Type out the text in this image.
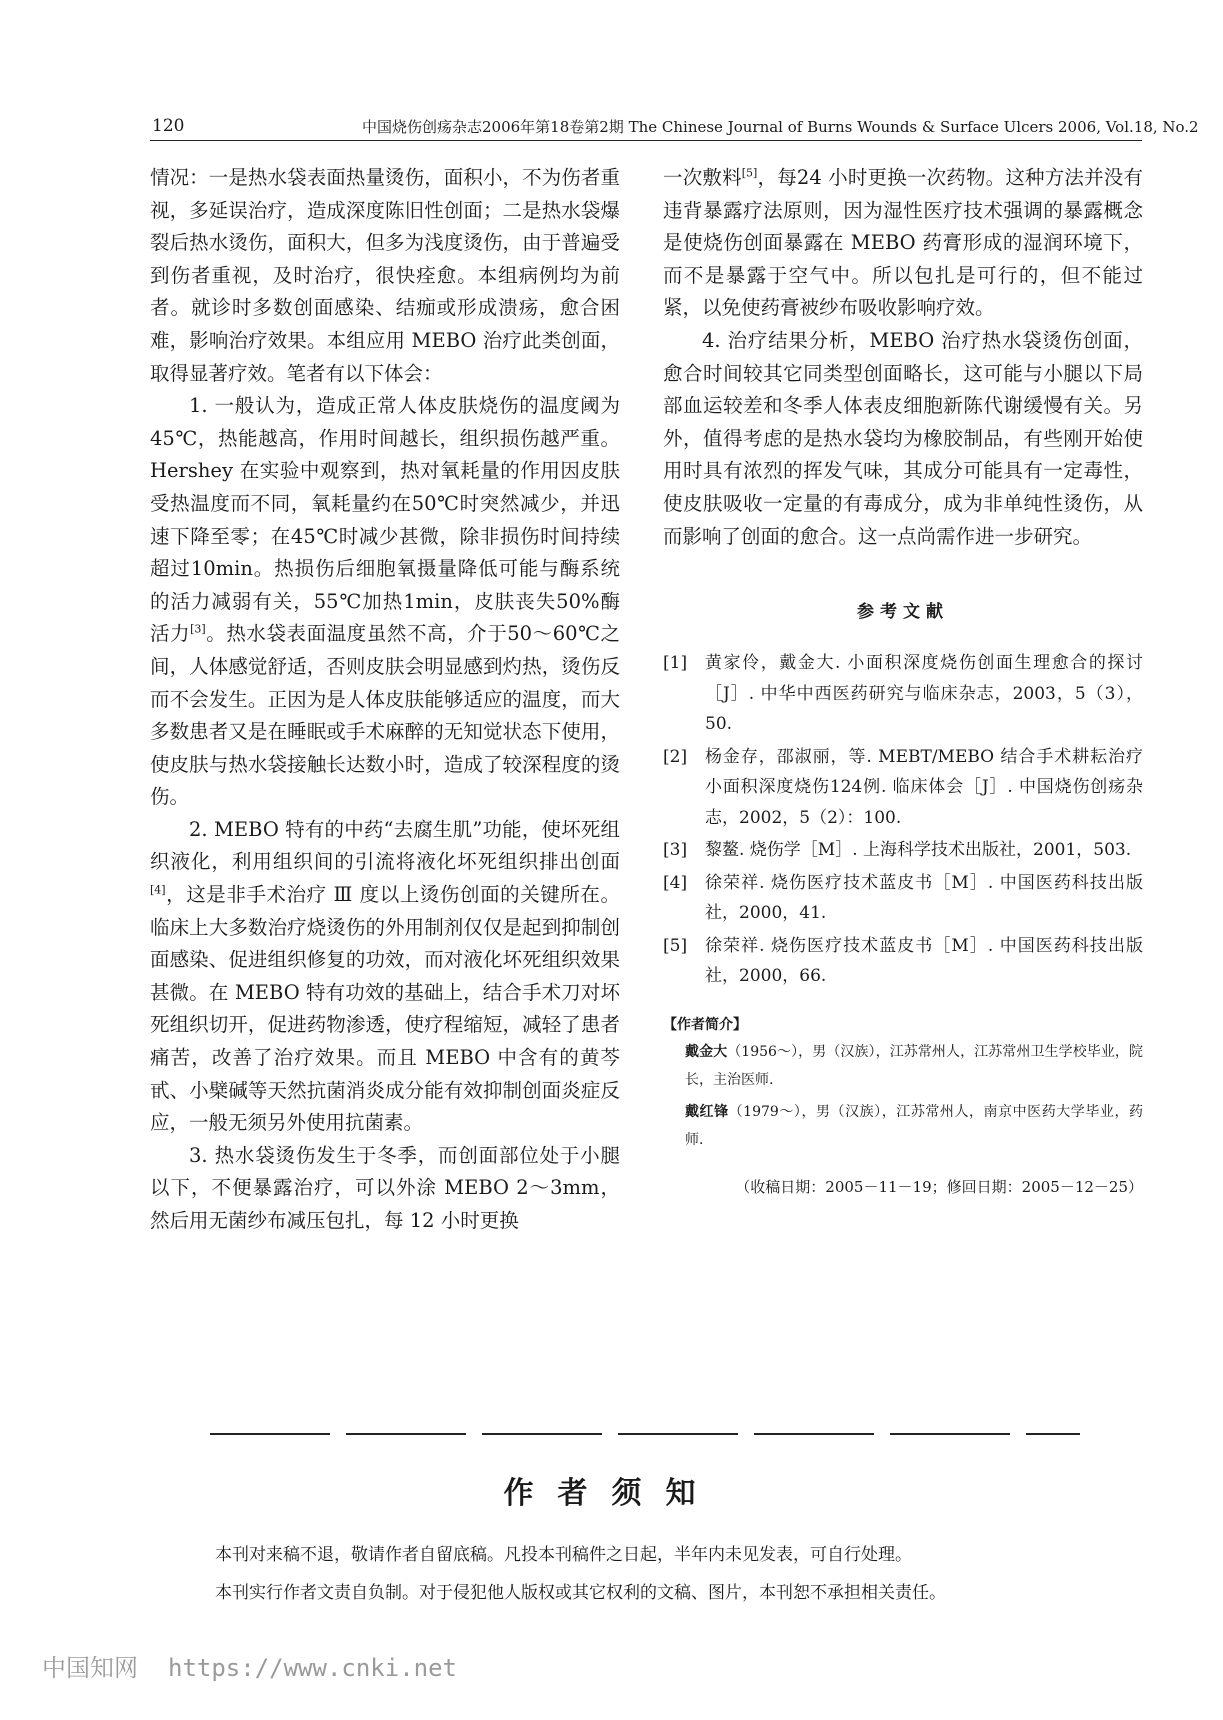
120	中国烧伤创疡杂志2006年第18卷第2期 The Chinese Journal of Burns Wounds & Surface Ulcers 2006, Vol.18, No.2

情况：一是热水袋表面热量烫伤，面积小，不为伤者重视，多延误治疗，造成深度陈旧性创面；二是热水袋爆裂后热水烫伤，面积大，但多为浅度烫伤，由于普遍受到伤者重视，及时治疗，很快痊愈。本组病例均为前者。就诊时多数创面感染、结痂或形成溃疡，愈合困难，影响治疗效果。本组应用 MEBO 治疗此类创面，取得显著疗效。笔者有以下体会：

1. 一般认为，造成正常人体皮肤烧伤的温度阈为45℃，热能越高，作用时间越长，组织损伤越严重。Hershey 在实验中观察到，热对氧耗量的作用因皮肤受热温度而不同，氧耗量约在50℃时突然减少，并迅速下降至零；在45℃时减少甚微，除非损伤时间持续超过10min。热损伤后细胞氧摄量降低可能与酶系统的活力减弱有关，55℃加热1min，皮肤丧失50%酶活力[3]。热水袋表面温度虽然不高，介于50～60℃之间，人体感觉舒适，否则皮肤会明显感到灼热，烫伤反而不会发生。正因为是人体皮肤能够适应的温度，而大多数患者又是在睡眠或手术麻醉的无知觉状态下使用，使皮肤与热水袋接触长达数小时，造成了较深程度的烫伤。

2. MEBO 特有的中药“去腐生肌”功能，使坏死组织液化，利用组织间的引流将液化坏死组织排出创面[4]，这是非手术治疗 Ⅲ 度以上烫伤创面的关键所在。临床上大多数治疗烧烫伤的外用制剂仅仅是起到抑制创面感染、促进组织修复的功效，而对液化坏死组织效果甚微。在 MEBO 特有功效的基础上，结合手术刀对坏死组织切开，促进药物渗透，使疗程缩短，减轻了患者痛苦，改善了治疗效果。而且 MEBO 中含有的黄芩甙、小檗碱等天然抗菌消炎成分能有效抑制创面炎症反应，一般无须另外使用抗菌素。

3. 热水袋烫伤发生于冬季，而创面部位处于小腿以下，不便暴露治疗，可以外涂 MEBO 2～3mm，然后用无菌纱布减压包扎，每 12 小时更换

一次敷料[5]，每24 小时更换一次药物。这种方法并没有违背暴露疗法原则，因为湿性医疗技术强调的暴露概念是使烧伤创面暴露在 MEBO 药膏形成的湿润环境下，而不是暴露于空气中。所以包扎是可行的，但不能过紧，以免使药膏被纱布吸收影响疗效。

4. 治疗结果分析，MEBO 治疗热水袋烫伤创面，愈合时间较其它同类型创面略长，这可能与小腿以下局部血运较差和冬季人体表皮细胞新陈代谢缓慢有关。另外，值得考虑的是热水袋均为橡胶制品，有些刚开始使用时具有浓烈的挥发气味，其成分可能具有一定毒性，使皮肤吸收一定量的有毒成分，成为非单纯性烫伤，从而影响了创面的愈合。这一点尚需作进一步研究。

参考文献
[1]	黄家伶，戴金大. 小面积深度烧伤创面生理愈合的探讨［J］. 中华中西医药研究与临床杂志，2003，5（3），50.
[2]	杨金存，邵淑丽，等. MEBT/MEBO 结合手术耕耘治疗小面积深度烧伤124例. 临床体会［J］. 中国烧伤创疡杂志，2002，5（2）：100.
[3]	黎鳌. 烧伤学［M］. 上海科学技术出版社，2001，503.
[4]	徐荣祥. 烧伤医疗技术蓝皮书［M］. 中国医药科技出版社，2000，41.
[5]	徐荣祥. 烧伤医疗技术蓝皮书［M］. 中国医药科技出版社，2000，66.
【作者简介】

戴金大（1956～），男（汉族），江苏常州人，江苏常州卫生学校毕业，院长，主治医师.

戴红锋（1979～），男（汉族），江苏常州人，南京中医药大学毕业，药师.

（收稿日期：2005－11－19；修回日期：2005－12－25）
作者须知
本刊对来稿不退，敬请作者自留底稿。凡投本刊稿件之日起，半年内未见发表，可自行处理。
本刊实行作者文责自负制。对于侵犯他人版权或其它权利的文稿、图片，本刊恕不承担相关责任。
中国知网 https://www.cnki.net
